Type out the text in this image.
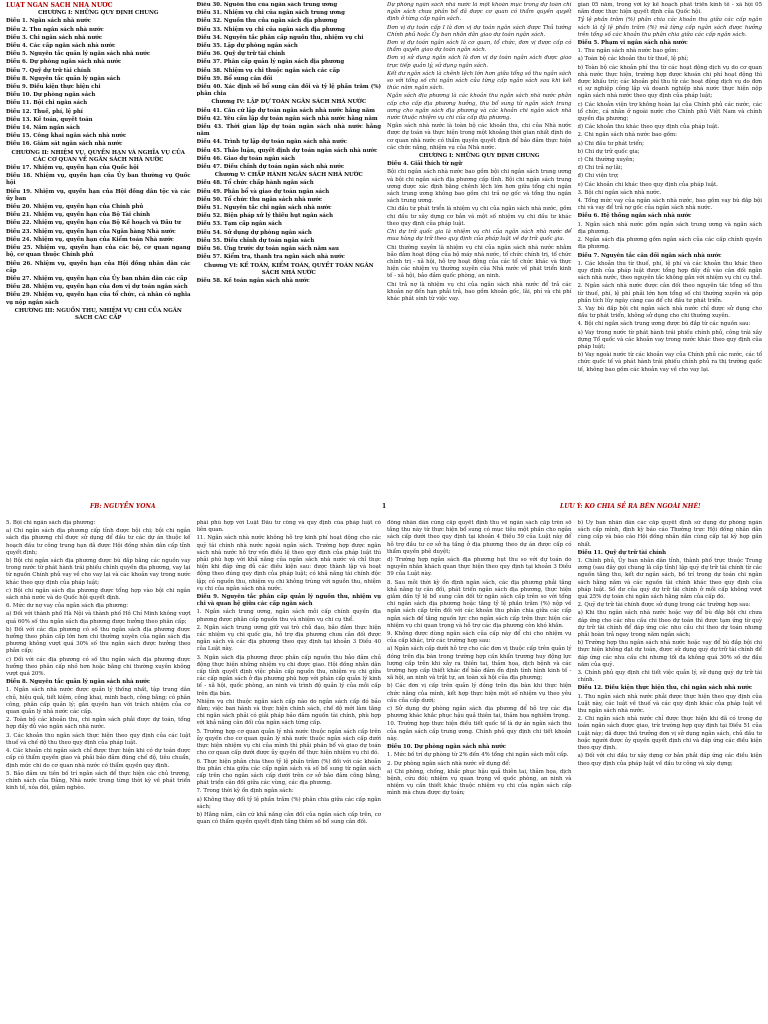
LUẬT NGÂN SÁCH NHÀ NƯỚC

CHƯƠNG I: NHỮNG QUY ĐỊNH CHUNG

Điều 1. Ngân sách nhà nước

Điều 2. Thu ngân sách nhà nước

Điều 3. Chi ngân sách nhà nước

Điều 4. Các cấp ngân sách nhà nước

Điều 5. Nguyên tắc quản lý ngân sách nhà nước

Điều 6. Dự phòng ngân sách nhà nước

Điều 7. Quỹ dự trữ tài chính

Điều 8. Nguyên tắc quản lý ngân sách

Điều 9. Điều kiện thực hiện chi

Điều 10. Dự phòng ngân sách

Điều 11. Bội chi ngân sách

Điều 12. Thuế, phí, lệ phí

Điều 13. Kế toán, quyết toán

Điều 14. Năm ngân sách

Điều 15. Công khai ngân sách nhà nước

Điều 16. Giám sát ngân sách nhà nước

CHƯƠNG II: NHIỆM VỤ, QUYỀN HẠN VÀ NGHĨA VỤ CỦA CÁC CƠ QUAN VỀ NGÂN SÁCH NHÀ NƯỚC

Điều 17. Nhiệm vụ, quyền hạn của Quốc hội

Điều 18. Nhiệm vụ, quyền hạn của Ủy ban thường vụ Quốc hội

Điều 19. Nhiệm vụ, quyền hạn của Hội đồng dân tộc và các ủy ban

Điều 20. Nhiệm vụ, quyền hạn của Chính phủ

Điều 21. Nhiệm vụ, quyền hạn của Bộ Tài chính

Điều 22. Nhiệm vụ, quyền hạn của Bộ Kế hoạch và Đầu tư

Điều 23. Nhiệm vụ, quyền hạn của Ngân hàng Nhà nước

Điều 24. Nhiệm vụ, quyền hạn của Kiểm toán Nhà nước

Điều 25. Nhiệm vụ, quyền hạn của các bộ, cơ quan ngang bộ, cơ quan thuộc Chính phủ

Điều 26. Nhiệm vụ, quyền hạn của Hội đồng nhân dân các cấp

Điều 27. Nhiệm vụ, quyền hạn của Ủy ban nhân dân các cấp

Điều 28. Nhiệm vụ, quyền hạn của đơn vị dự toán ngân sách

Điều 29. Nhiệm vụ, quyền hạn của tổ chức, cá nhân có nghĩa vụ nộp ngân sách

CHƯƠNG III: NGUỒN THU, NHIỆM VỤ CHI CỦA NGÂN SÁCH CÁC CẤP

Điều 30. Nguồn thu của ngân sách trung ương

Điều 31. Nhiệm vụ chi của ngân sách trung ương

Điều 32. Nguồn thu của ngân sách địa phương

Điều 33. Nhiệm vụ chi của ngân sách địa phương

Điều 34. Nguyên tắc phân cấp nguồn thu, nhiệm vụ chi

Điều 35. Lập dự phòng ngân sách

Điều 36. Quỹ dự trữ tài chính

Điều 37. Phân cấp quản lý ngân sách địa phương

Điều 38. Nhiệm vụ chi thuộc ngân sách các cấp

Điều 39. Bổ sung cân đối

Điều 40. Xác định số bổ sung cân đối và tỷ lệ phần trăm (%) phân chia

Chương IV: LẬP DỰ TOÁN NGÂN SÁCH NHÀ NƯỚC

Điều 41. Căn cứ lập dự toán ngân sách nhà nước hằng năm

Điều 42. Yêu cầu lập dự toán ngân sách nhà nước hằng năm

Điều 43. Thời gian lập dự toán ngân sách nhà nước hằng năm

Điều 44. Trình tự lập dự toán ngân sách nhà nước

Điều 45. Thảo luận, quyết định dự toán ngân sách nhà nước

Điều 46. Giao dự toán ngân sách

Điều 47. Điều chỉnh dự toán ngân sách nhà nước

Chương V: CHẤP HÀNH NGÂN SÁCH NHÀ NƯỚC

Điều 48. Tổ chức chấp hành ngân sách

Điều 49. Phân bổ và giao dự toán ngân sách

Điều 50. Tổ chức thu ngân sách nhà nước

Điều 51. Nguyên tắc chi ngân sách nhà nước

Điều 52. Biện pháp xử lý thiếu hụt ngân sách

Điều 53. Tạm cấp ngân sách

Điều 54. Sử dụng dự phòng ngân sách

Điều 55. Điều chỉnh dự toán ngân sách

Điều 56. Ứng trước dự toán ngân sách năm sau

Điều 57. Kiểm tra, thanh tra ngân sách nhà nước

Chương VI: KẾ TOÁN, KIỂM TOÁN, QUYẾT TOÁN NGÂN SÁCH NHÀ NƯỚC

Điều 58. Kế toán ngân sách nhà nước

Dự phòng ngân sách nhà nước là một khoản mục trong dự toán chi ngân sách chưa phân bổ đã được cơ quan có thẩm quyền quyết định ở từng cấp ngân sách.

Đơn vị dự toán cấp I là đơn vị dự toán ngân sách được Thủ tướng Chính phủ hoặc Ủy ban nhân dân giao dự toán ngân sách.

Đơn vị dự toán ngân sách là cơ quan, tổ chức, đơn vị được cấp có thẩm quyền giao dự toán ngân sách.

Đơn vị sử dụng ngân sách là đơn vị dự toán ngân sách được giao trực tiếp quản lý, sử dụng ngân sách.

Kết dư ngân sách là chênh lệch lớn hơn giữa tổng số thu ngân sách so với tổng số chi ngân sách của từng cấp ngân sách sau khi kết thúc năm ngân sách.

Ngân sách địa phương là các khoản thu ngân sách nhà nước phân cấp cho cấp địa phương hưởng, thu bổ sung từ ngân sách trung ương cho ngân sách địa phương và các khoản chi ngân sách nhà nước thuộc nhiệm vụ chi của cấp địa phương.

Ngân sách nhà nước là toàn bộ các khoản thu, chi của Nhà nước được dự toán và thực hiện trong một khoảng thời gian nhất định do cơ quan nhà nước có thẩm quyền quyết định để bảo đảm thực hiện các chức năng, nhiệm vụ của Nhà nước.

CHƯƠNG I: NHỮNG QUY ĐỊNH CHUNG

Điều 4. Giải thích từ ngữ

Bội chi ngân sách nhà nước bao gồm bội chi ngân sách trung ương và bội chi ngân sách địa phương cấp tỉnh. Bội chi ngân sách trung ương được xác định bằng chênh lệch lớn hơn giữa tổng chi ngân sách trung ương không bao gồm chi trả nợ gốc và tổng thu ngân sách trung ương.

Chi đầu tư phát triển là nhiệm vụ chi của ngân sách nhà nước, gồm chi đầu tư xây dựng cơ bản và một số nhiệm vụ chi đầu tư khác theo quy định của pháp luật.

Chi dự trữ quốc gia là nhiệm vụ chi của ngân sách nhà nước để mua hàng dự trữ theo quy định của pháp luật về dự trữ quốc gia.

Chi thường xuyên là nhiệm vụ chi của ngân sách nhà nước nhằm bảo đảm hoạt động của bộ máy nhà nước, tổ chức chính trị, tổ chức chính trị - xã hội, hỗ trợ hoạt động của các tổ chức khác và thực hiện các nhiệm vụ thường xuyên của Nhà nước về phát triển kinh tế - xã hội, bảo đảm quốc phòng, an ninh.

Chi trả nợ là nhiệm vụ chi của ngân sách nhà nước để trả các khoản nợ đến hạn phải trả, bao gồm khoản gốc, lãi, phí và chi phí khác phát sinh từ việc vay.

gian 05 năm, trong với kỳ kế hoạch phát triển kinh tế - xã hội 05 năm được thực hiện quyết định của Quốc hội.

Tỷ lệ phần trăm (%) phân chia các khoản thu giữa các cấp ngân sách là tỷ lệ phần trăm (%) mà từng cấp ngân sách được hưởng trên tổng số các khoản thu phân chia giữa các cấp ngân sách.

Điều 5. Phạm vi ngân sách nhà nước

1. Thu ngân sách nhà nước bao gồm:

a) Toàn bộ các khoản thu từ thuế, lệ phí;

b) Toàn bộ các khoản phí thu từ các hoạt động dịch vụ do cơ quan nhà nước thực hiện, trường hợp được khoán chi phí hoạt động thì được khấu trừ; các khoản phí thu từ các hoạt động dịch vụ do đơn vị sự nghiệp công lập và doanh nghiệp nhà nước thực hiện nộp ngân sách nhà nước theo quy định của pháp luật;

c) Các khoản viện trợ không hoàn lại của Chính phủ các nước, các tổ chức, cá nhân ở ngoài nước cho Chính phủ Việt Nam và chính quyền địa phương;

d) Các khoản thu khác theo quy định của pháp luật.

2. Chi ngân sách nhà nước bao gồm:

a) Chi đầu tư phát triển;

b) Chi dự trữ quốc gia;

c) Chi thường xuyên;

d) Chi trả nợ lãi;

đ) Chi viện trợ;

e) Các khoản chi khác theo quy định của pháp luật.

3. Bội chi ngân sách nhà nước.

4. Tổng mức vay của ngân sách nhà nước, bao gồm vay bù đắp bội chi và vay để trả nợ gốc của ngân sách nhà nước.

Điều 6. Hệ thống ngân sách nhà nước

1. Ngân sách nhà nước gồm ngân sách trung ương và ngân sách địa phương.

2. Ngân sách địa phương gồm ngân sách của các cấp chính quyền địa phương.

Điều 7. Nguyên tắc cân đối ngân sách nhà nước

1. Các khoản thu từ thuế, phí, lệ phí và các khoản thu khác theo quy định của pháp luật được tổng hợp đầy đủ vào cân đối ngân sách nhà nước, theo nguyên tắc không gắn với nhiệm vụ chi cụ thể.

2. Ngân sách nhà nước được cân đối theo nguyên tắc tổng số thu từ thuế, phí, lệ phí phải lớn hơn tổng số chi thường xuyên và góp phần tích lũy ngày càng cao để chi đầu tư phát triển.

3. Vay bù đắp bội chi ngân sách nhà nước chỉ được sử dụng cho đầu tư phát triển, không sử dụng cho chi thường xuyên.

4. Bội chi ngân sách trung ương được bù đắp từ các nguồn sau:

a) Vay trong nước từ phát hành trái phiếu chính phủ, công trái xây dựng Tổ quốc và các khoản vay trong nước khác theo quy định của pháp luật;

b) Vay ngoài nước từ các khoản vay của Chính phủ các nước, các tổ chức quốc tế và phát hành trái phiếu chính phủ ra thị trường quốc tế, không bao gồm các khoản vay về cho vay lại.

FB: NGUYỄN YONA	1	LƯU Ý: KO CHIA SẺ RA BÊN NGOÀI NHÉ!

5. Bội chi ngân sách địa phương:

a) Chi ngân sách địa phương cấp tỉnh được bội chi; bội chi ngân sách địa phương chỉ được sử dụng để đầu tư các dự án thuộc kế hoạch đầu tư công trung hạn đã được Hội đồng nhân dân cấp tỉnh quyết định;

b) Bội chi ngân sách địa phương được bù đắp bằng các nguồn vay trong nước từ phát hành trái phiếu chính quyền địa phương, vay lại từ nguồn Chính phủ vay về cho vay lại và các khoản vay trong nước khác theo quy định của pháp luật;

c) Bội chi ngân sách địa phương được tổng hợp vào bội chi ngân sách nhà nước và do Quốc hội quyết định.

6. Mức dư nợ vay của ngân sách địa phương:

a) Đối với thành phố Hà Nội và thành phố Hồ Chí Minh không vượt quá 60% số thu ngân sách địa phương được hưởng theo phân cấp;

b) Đối với các địa phương có số thu ngân sách địa phương được hưởng theo phân cấp lớn hơn chi thường xuyên của ngân sách địa phương không vượt quá 30% số thu ngân sách được hưởng theo phân cấp;

c) Đối với các địa phương có số thu ngân sách địa phương được hưởng theo phân cấp nhỏ hơn hoặc bằng chi thường xuyên không vượt quá 20%.

Điều 8. Nguyên tắc quản lý ngân sách nhà nước

1. Ngân sách nhà nước được quản lý thống nhất, tập trung dân chủ, hiệu quả, tiết kiệm, công khai, minh bạch, công bằng; có phân công, phân cấp quản lý; gắn quyền hạn với trách nhiệm của cơ quan quản lý nhà nước các cấp.

2. Toàn bộ các khoản thu, chi ngân sách phải được dự toán, tổng hợp đầy đủ vào ngân sách nhà nước.

3. Các khoản thu ngân sách thực hiện theo quy định của các luật thuế và chế độ thu theo quy định của pháp luật.

4. Các khoản chi ngân sách chỉ được thực hiện khi có dự toán được cấp có thẩm quyền giao và phải bảo đảm đúng chế độ, tiêu chuẩn, định mức chi do cơ quan nhà nước có thẩm quyền quy định.

5. Bảo đảm ưu tiên bố trí ngân sách để thực hiện các chủ trương, chính sách của Đảng, Nhà nước trong từng thời kỳ về phát triển kinh tế, xóa đói, giảm nghèo.

phải phù hợp với Luật Đầu tư công và quy định của pháp luật có liên quan.

11. Ngân sách nhà nước không hỗ trợ kinh phí hoạt động cho các quỹ tài chính nhà nước ngoài ngân sách. Trường hợp được ngân sách nhà nước hỗ trợ vốn điều lệ theo quy định của pháp luật thì phải phù hợp với khả năng của ngân sách nhà nước và chỉ thực hiện khi đáp ứng đủ các điều kiện sau: được thành lập và hoạt động theo đúng quy định của pháp luật; có khả năng tài chính độc lập; có nguồn thu, nhiệm vụ chi không trùng với nguồn thu, nhiệm vụ chi của ngân sách nhà nước.

Điều 9. Nguyên tắc phân cấp quản lý nguồn thu, nhiệm vụ chi và quan hệ giữa các cấp ngân sách

1. Ngân sách trung ương, ngân sách mỗi cấp chính quyền địa phương được phân cấp nguồn thu và nhiệm vụ chi cụ thể.

2. Ngân sách trung ương giữ vai trò chủ đạo, bảo đảm thực hiện các nhiệm vụ chi quốc gia, hỗ trợ địa phương chưa cân đối được ngân sách và các địa phương theo quy định tại khoản 3 Điều 40 của Luật này.

3. Ngân sách địa phương được phân cấp nguồn thu bảo đảm chủ động thực hiện những nhiệm vụ chi được giao. Hội đồng nhân dân cấp tỉnh quyết định việc phân cấp nguồn thu, nhiệm vụ chi giữa các cấp ngân sách ở địa phương phù hợp với phân cấp quản lý kinh tế - xã hội, quốc phòng, an ninh và trình độ quản lý của mỗi cấp trên địa bàn.

Nhiệm vụ chi thuộc ngân sách cấp nào do ngân sách cấp đó bảo đảm; việc ban hành và thực hiện chính sách, chế độ mới làm tăng chi ngân sách phải có giải pháp bảo đảm nguồn tài chính, phù hợp với khả năng cân đối của ngân sách từng cấp.

5. Trường hợp cơ quan quản lý nhà nước thuộc ngân sách cấp trên ủy quyền cho cơ quan quản lý nhà nước thuộc ngân sách cấp dưới thực hiện nhiệm vụ chi của mình thì phải phân bổ và giao dự toán cho cơ quan cấp dưới được ủy quyền để thực hiện nhiệm vụ chi đó.

6. Thực hiện phân chia theo tỷ lệ phần trăm (%) đối với các khoản thu phân chia giữa các cấp ngân sách và số bổ sung từ ngân sách cấp trên cho ngân sách cấp dưới trên cơ sở bảo đảm công bằng, phát triển cân đối giữa các vùng, các địa phương.

7. Trong thời kỳ ổn định ngân sách:

a) Không thay đổi tỷ lệ phần trăm (%) phân chia giữa các cấp ngân sách;

b) Hằng năm, căn cứ khả năng cân đối của ngân sách cấp trên, cơ quan có thẩm quyền quyết định tăng thêm số bổ sung cân đối.

đồng nhân dân cùng cấp quyết định thu về ngân sách cấp trên số tăng thu này từ thực hiện bổ sung có mục tiêu một phần cho ngân sách cấp dưới theo quy định tại khoản 4 Điều 59 của Luật này để hỗ trợ đầu tư cơ sở hạ tầng ở địa phương theo dự án được cấp có thẩm quyền phê duyệt;

d) Trường hợp ngân sách địa phương hụt thu so với dự toán do nguyên nhân khách quan thực hiện theo quy định tại khoản 3 Điều 59 của Luật này.

8. Sau mỗi thời kỳ ổn định ngân sách, các địa phương phải tăng khả năng tự cân đối, phát triển ngân sách địa phương, thực hiện giảm dần tỷ lệ bổ sung cân đối từ ngân sách cấp trên so với tổng chi ngân sách địa phương hoặc tăng tỷ lệ phần trăm (%) nộp về ngân sách cấp trên đối với các khoản thu phân chia giữa các cấp ngân sách để tăng nguồn lực cho ngân sách cấp trên thực hiện các nhiệm vụ chi quan trọng và hỗ trợ các địa phương còn khó khăn.

9. Không được dùng ngân sách của cấp này để chi cho nhiệm vụ của cấp khác, trừ các trường hợp sau:

a) Ngân sách cấp dưới hỗ trợ cho các đơn vị thuộc cấp trên quản lý đóng trên địa bàn trong trường hợp cần khẩn trương huy động lực lượng cấp trên khi xảy ra thiên tai, thảm họa, dịch bệnh và các trường hợp cấp thiết khác để bảo đảm ổn định tình hình kinh tế - xã hội, an ninh và trật tự, an toàn xã hội của địa phương;

b) Các đơn vị cấp trên quản lý đóng trên địa bàn khi thực hiện chức năng của mình, kết hợp thực hiện một số nhiệm vụ theo yêu cầu của cấp dưới;

c) Sử dụng dự phòng ngân sách địa phương để hỗ trợ các địa phương khác khắc phục hậu quả thiên tai, thảm họa nghiêm trọng.

10. Trường hợp thực hiện điều tiết quốc tế là dự án ngân sách thu của ngân sách cấp trung ương. Chính phủ quy định chi tiết khoản này.

Điều 10. Dự phòng ngân sách nhà nước

1. Mức bố trí dự phòng từ 2% đến 4% tổng chi ngân sách mỗi cấp.

2. Dự phòng ngân sách nhà nước sử dụng để:

a) Chi phòng, chống, khắc phục hậu quả thiên tai, thảm họa, dịch bệnh, cứu đói; nhiệm vụ quan trọng về quốc phòng, an ninh và nhiệm vụ cần thiết khác thuộc nhiệm vụ chi của ngân sách cấp mình mà chưa được dự toán;

b) Ủy ban nhân dân các cấp quyết định sử dụng dự phòng ngân sách cấp mình, định kỳ báo cáo Thường trực Hội đồng nhân dân cùng cấp và báo cáo Hội đồng nhân dân cùng cấp tại kỳ họp gần nhất.

Điều 11. Quỹ dự trữ tài chính

1. Chính phủ, Ủy ban nhân dân tỉnh, thành phố trực thuộc Trung ương (sau đây gọi chung là cấp tỉnh) lập quỹ dự trữ tài chính từ các nguồn tăng thu, kết dư ngân sách, bố trí trong dự toán chi ngân sách hằng năm và các nguồn tài chính khác theo quy định của pháp luật. Số dư của quỹ dự trữ tài chính ở mỗi cấp không vượt quá 25% dự toán chi ngân sách hằng năm của cấp đó.

2. Quỹ dự trữ tài chính được sử dụng trong các trường hợp sau:

a) Khi thu ngân sách nhà nước hoặc vay để bù đắp bội chi chưa đáp ứng cho các nhu cầu chi theo dự toán thì được tạm ứng từ quỹ dự trữ tài chính để đáp ứng các nhu cầu chi theo dự toán nhưng phải hoàn trả ngay trong năm ngân sách;

b) Trường hợp thu ngân sách nhà nước hoặc vay để bù đắp bội chi thực hiện không đạt dự toán, được sử dụng quỹ dự trữ tài chính để đáp ứng các nhu cầu chi nhưng tối đa không quá 30% số dư đầu năm của quỹ.

3. Chính phủ quy định chi tiết việc quản lý, sử dụng quỹ dự trữ tài chính.

Điều 12. Điều kiện thực hiện thu, chi ngân sách nhà nước

1. Thu ngân sách nhà nước phải được thực hiện theo quy định của Luật này, các luật về thuế và các quy định khác của pháp luật về thu ngân sách nhà nước.

2. Chi ngân sách nhà nước chỉ được thực hiện khi đã có trong dự toán ngân sách được giao, trừ trường hợp quy định tại Điều 51 của Luật này; đã được thủ trưởng đơn vị sử dụng ngân sách, chủ đầu tư hoặc người được ủy quyền quyết định chi và đáp ứng các điều kiện theo quy định.

a) Đối với chi đầu tư xây dựng cơ bản phải đáp ứng các điều kiện theo quy định của pháp luật về đầu tư công và xây dựng;
